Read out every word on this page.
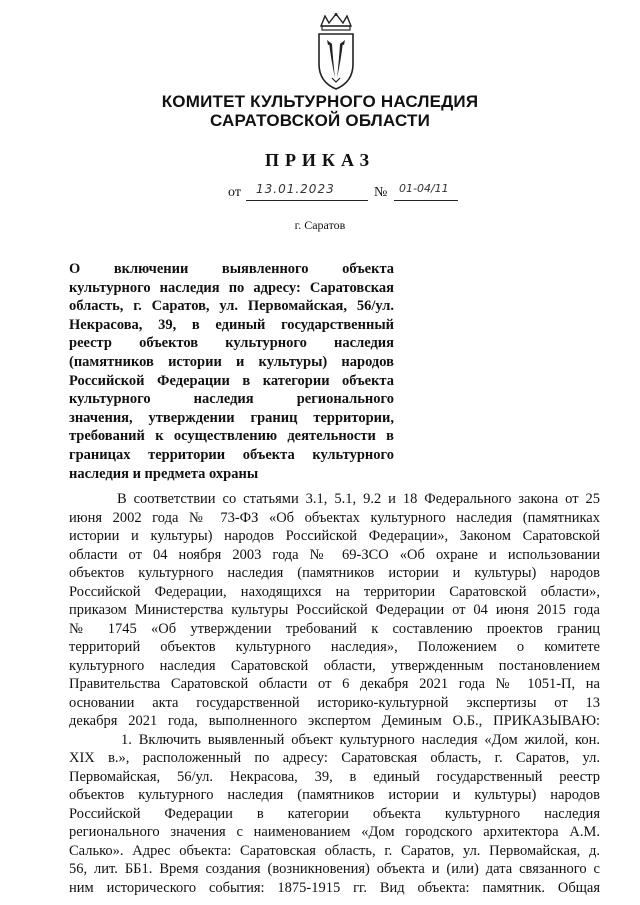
КОМИТЕТ КУЛЬТУРНОГО НАСЛЕДИЯ
САРАТОВСКОЙ ОБЛАСТИ
ПРИКАЗ
от 13.01.2023	№ 01-04/11
г. Саратов
О включении выявленного объекта
культурного наследия по адресу: Саратовская
область, г. Саратов, ул. Первомайская, 56/ул.
Некрасова, 39, в единый государственный
реестр объектов культурного наследия
(памятников истории и культуры) народов
Российской Федерации в категории объекта
культурного наследия регионального
значения, утверждении границ территории,
требований к осуществлению деятельности в
границах территории объекта культурного
наследия и предмета охраны
В соответствии со статьями 3.1, 5.1, 9.2 и 18 Федерального закона от 25
июня 2002 года № 73-ФЗ «Об объектах культурного наследия (памятниках
истории и культуры) народов Российской Федерации», Законом Саратовской
области от 04 ноября 2003 года № 69-ЗСО «Об охране и использовании
объектов культурного наследия (памятников истории и культуры) народов
Российской Федерации, находящихся на территории Саратовской области»,
приказом Министерства культуры Российской Федерации от 04 июня 2015 года
№ 1745 «Об утверждении требований к составлению проектов границ
территорий объектов культурного наследия», Положением о комитете
культурного наследия Саратовской области, утвержденным постановлением
Правительства Саратовской области от 6 декабря 2021 года № 1051-П, на
основании акта государственной историко-культурной экспертизы от 13
декабря 2021 года, выполненного экспертом Деминым О.Б., ПРИКАЗЫВАЮ:
1. Включить выявленный объект культурного наследия «Дом жилой, кон.
XIX в.», расположенный по адресу: Саратовская область, г. Саратов, ул.
Первомайская, 56/ул. Некрасова, 39, в единый государственный реестр
объектов культурного наследия (памятников истории и культуры) народов
Российской Федерации в категории объекта культурного наследия
регионального значения с наименованием «Дом городского архитектора А.М.
Салько». Адрес объекта: Саратовская область, г. Саратов, ул. Первомайская, д.
56, лит. ББ1. Время создания (возникновения) объекта и (или) дата связанного с
ним исторического события: 1875-1915 гг. Вид объекта: памятник. Общая
